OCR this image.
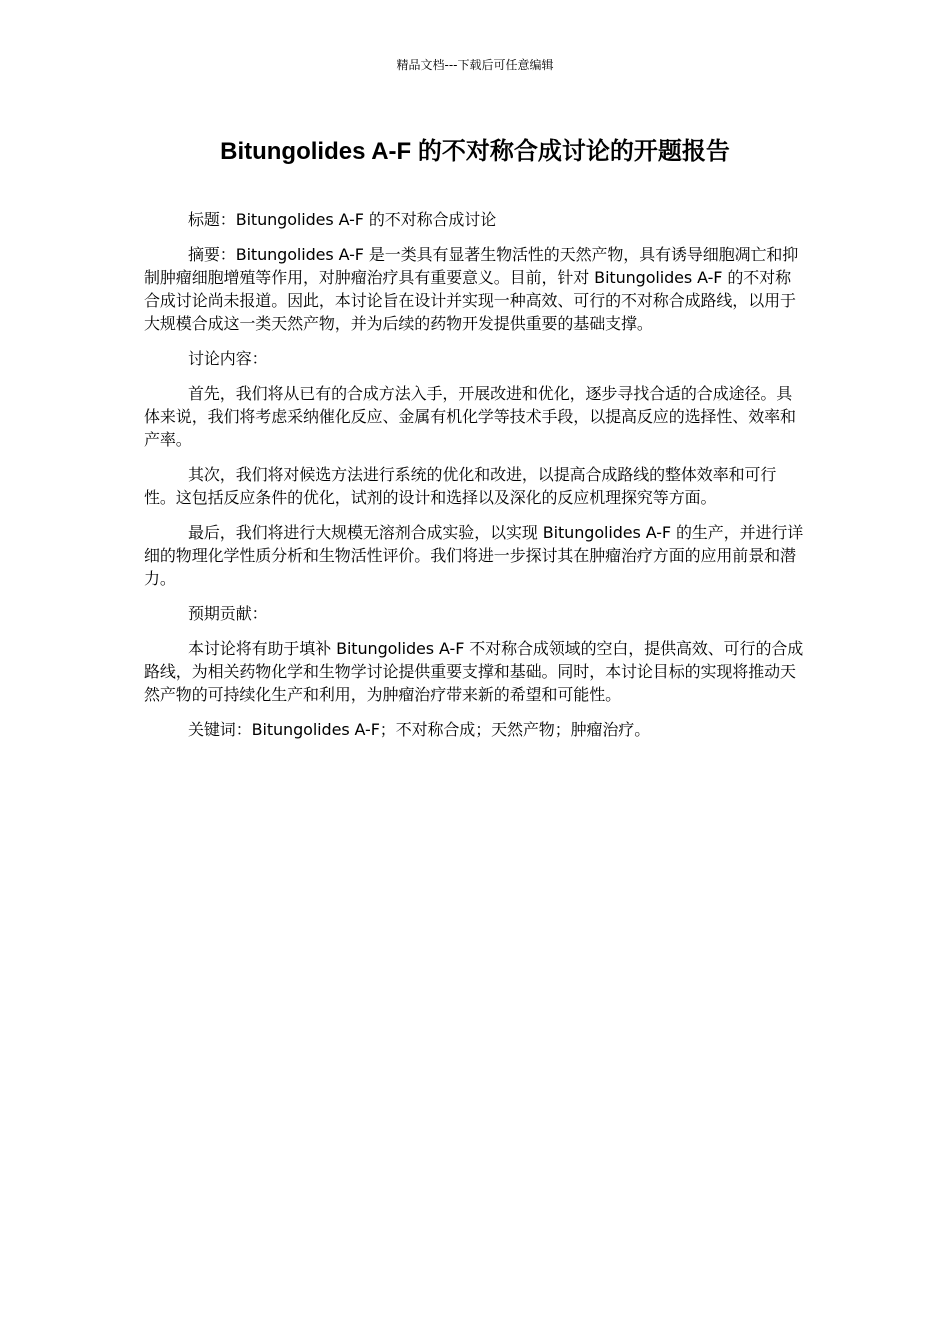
精品文档---下载后可任意编辑
Bitungolides A-F 的不对称合成讨论的开题报告

标题：Bitungolides A-F 的不对称合成讨论

摘要：Bitungolides A-F 是一类具有显著生物活性的天然产物，具有诱导细胞凋亡和抑制肿瘤细胞增殖等作用，对肿瘤治疗具有重要意义。目前，针对 Bitungolides A-F 的不对称合成讨论尚未报道。因此，本讨论旨在设计并实现一种高效、可行的不对称合成路线，以用于大规模合成这一类天然产物，并为后续的药物开发提供重要的基础支撑。

讨论内容：

首先，我们将从已有的合成方法入手，开展改进和优化，逐步寻找合适的合成途径。具体来说，我们将考虑采纳催化反应、金属有机化学等技术手段，以提高反应的选择性、效率和产率。

其次，我们将对候选方法进行系统的优化和改进，以提高合成路线的整体效率和可行性。这包括反应条件的优化，试剂的设计和选择以及深化的反应机理探究等方面。

最后，我们将进行大规模无溶剂合成实验，以实现 Bitungolides A-F 的生产，并进行详细的物理化学性质分析和生物活性评价。我们将进一步探讨其在肿瘤治疗方面的应用前景和潜力。

预期贡献：

本讨论将有助于填补 Bitungolides A-F 不对称合成领域的空白，提供高效、可行的合成路线，为相关药物化学和生物学讨论提供重要支撑和基础。同时，本讨论目标的实现将推动天然产物的可持续化生产和利用，为肿瘤治疗带来新的希望和可能性。

关键词：Bitungolides A-F；不对称合成；天然产物；肿瘤治疗。
